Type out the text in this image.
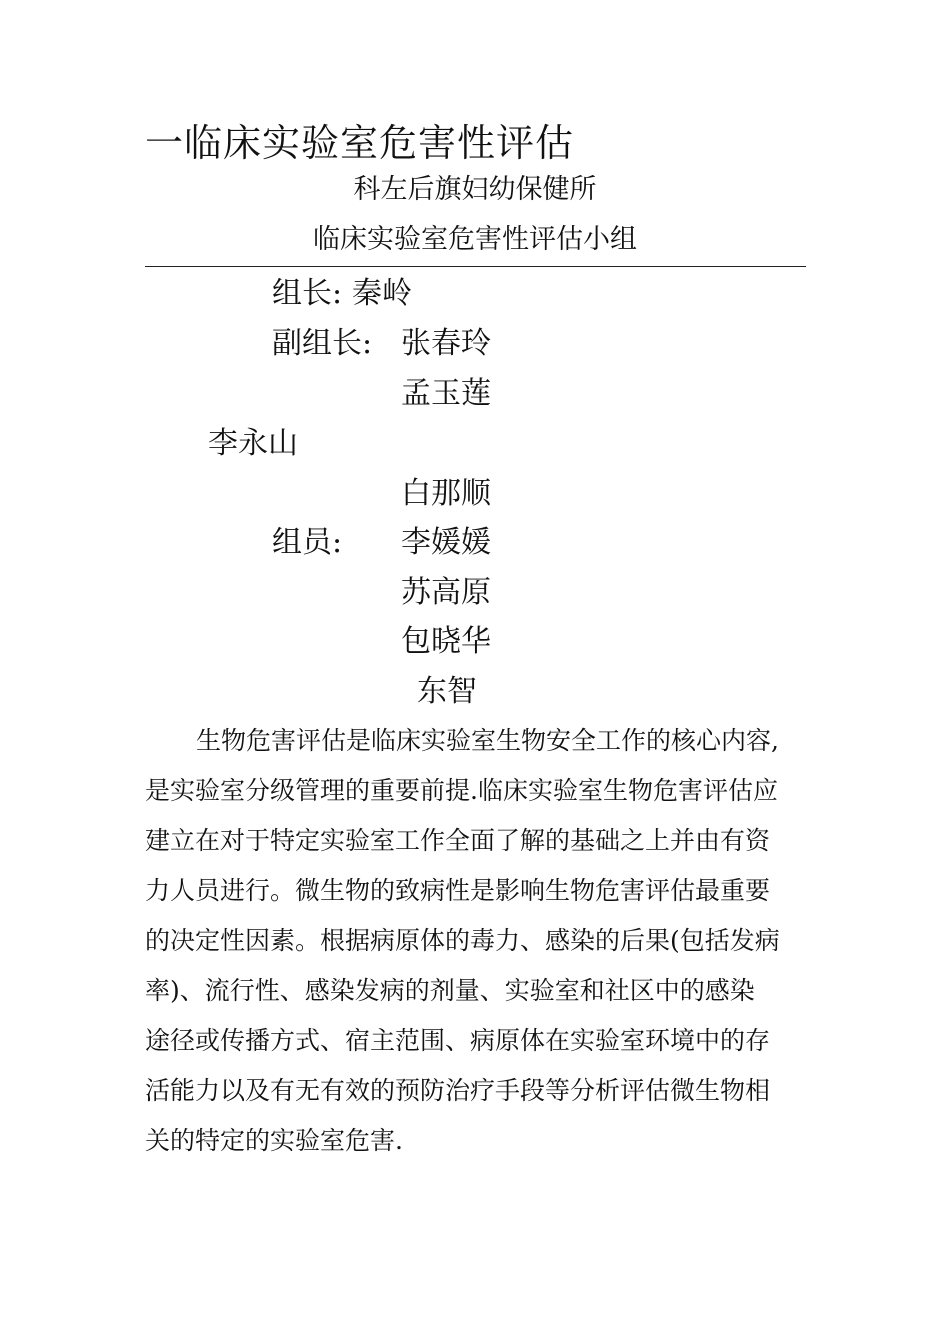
一临床实验室危害性评估
科左后旗妇幼保健所
临床实验室危害性评估小组
组长: 秦岭
副组长: 张春玲
孟玉莲
李永山
白那顺
组员: 李媛媛
苏高原
包晓华
东智
生物危害评估是临床实验室生物安全工作的核心内容,
是实验室分级管理的重要前提.临床实验室生物危害评估应
建立在对于特定实验室工作全面了解的基础之上并由有资
力人员进行。微生物的致病性是影响生物危害评估最重要
的决定性因素。根据病原体的毒力、感染的后果(包括发病
率)、流行性、感染发病的剂量、实验室和社区中的感染
途径或传播方式、宿主范围、病原体在实验室环境中的存
活能力以及有无有效的预防治疗手段等分析评估微生物相
关的特定的实验室危害.
